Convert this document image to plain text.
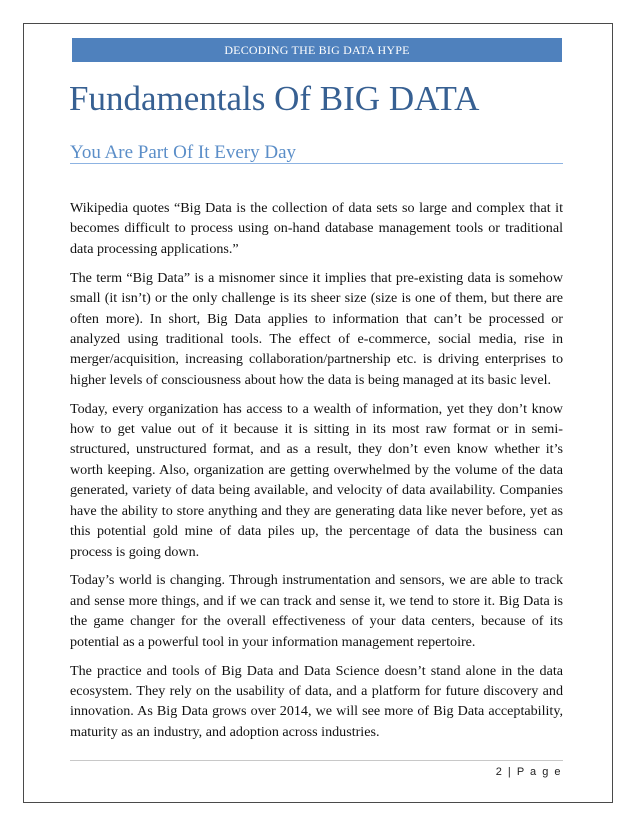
DECODING THE BIG DATA HYPE
Fundamentals Of BIG DATA
You Are Part Of It Every Day

Wikipedia quotes “Big Data is the collection of data sets so large and complex that it becomes difficult to process using on-hand database management tools or traditional data processing applications.”

The term “Big Data” is a misnomer since it implies that pre-existing data is somehow small (it isn’t) or the only challenge is its sheer size (size is one of them, but there are often more). In short, Big Data applies to information that can’t be processed or analyzed using traditional tools. The effect of e-commerce, social media, rise in merger/acquisition, increasing collaboration/partnership etc. is driving enterprises to higher levels of consciousness about how the data is being managed at its basic level.

Today, every organization has access to a wealth of information, yet they don’t know how to get value out of it because it is sitting in its most raw format or in semi-structured, unstructured format, and as a result, they don’t even know whether it’s worth keeping. Also, organization are getting overwhelmed by the volume of the data generated, variety of data being available, and velocity of data availability. Companies have the ability to store anything and they are generating data like never before, yet as this potential gold mine of data piles up, the percentage of data the business can process is going down.

Today’s world is changing. Through instrumentation and sensors, we are able to track and sense more things, and if we can track and sense it, we tend to store it. Big Data is the game changer for the overall effectiveness of your data centers, because of its potential as a powerful tool in your information management repertoire.

The practice and tools of Big Data and Data Science doesn’t stand alone in the data ecosystem. They rely on the usability of data, and a platform for future discovery and innovation. As Big Data grows over 2014, we will see more of Big Data acceptability, maturity as an industry, and adoption across industries.

2 | P a g e
